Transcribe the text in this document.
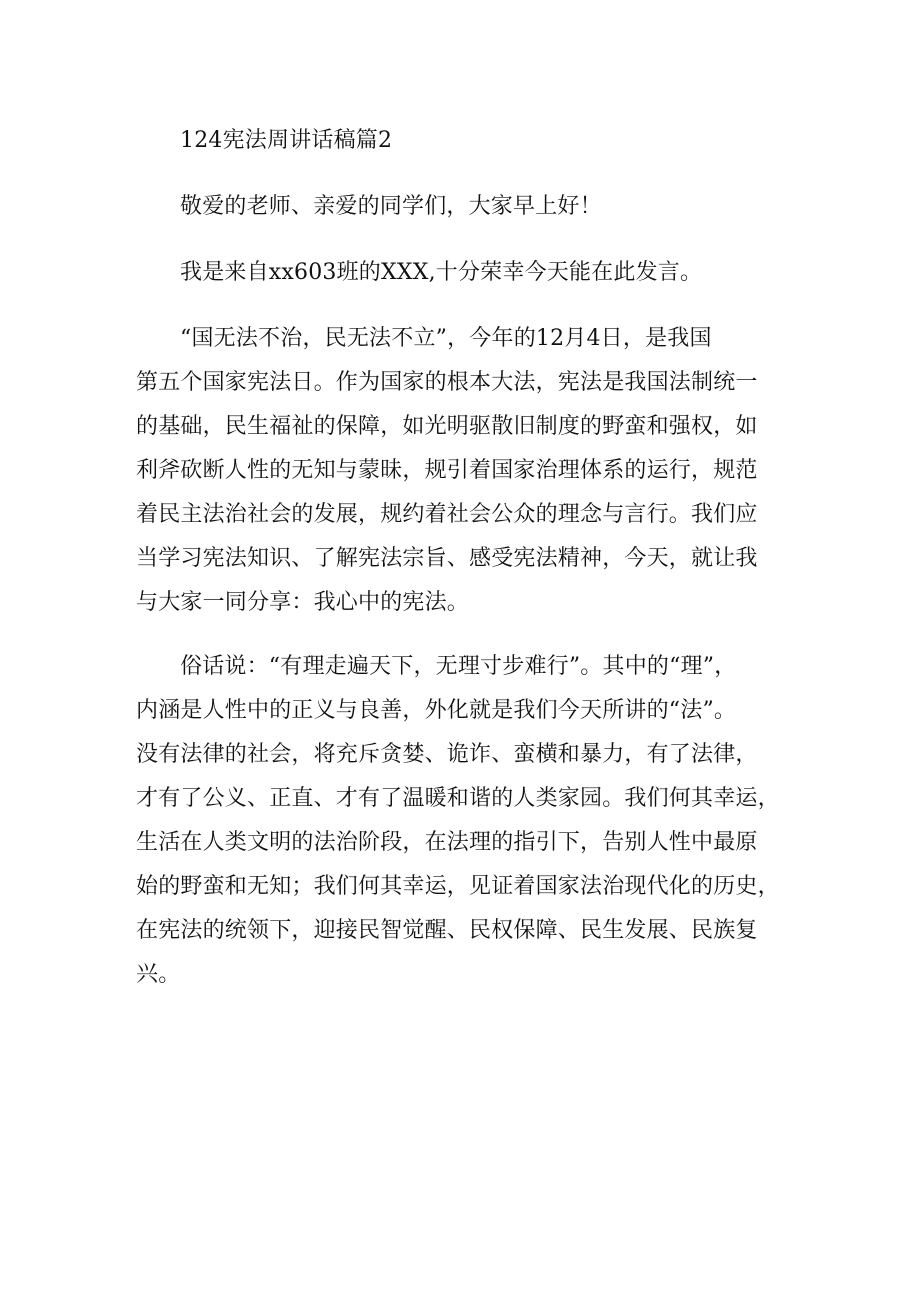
124宪法周讲话稿篇2
敬爱的老师、亲爱的同学们，大家早上好！
我是来自xx603班的XXX,十分荣幸今天能在此发言。
“国无法不治，民无法不立”，今年的12月4日，是我国
第五个国家宪法日。作为国家的根本大法，宪法是我国法制统一
的基础，民生福祉的保障，如光明驱散旧制度的野蛮和强权，如
利斧砍断人性的无知与蒙昧，规引着国家治理体系的运行，规范
着民主法治社会的发展，规约着社会公众的理念与言行。我们应
当学习宪法知识、了解宪法宗旨、感受宪法精神，今天，就让我
与大家一同分享：我心中的宪法。
俗话说：“有理走遍天下，无理寸步难行”。其中的“理”，
内涵是人性中的正义与良善，外化就是我们今天所讲的“法”。
没有法律的社会，将充斥贪婪、诡诈、蛮横和暴力，有了法律，
才有了公义、正直、才有了温暖和谐的人类家园。我们何其幸运，
生活在人类文明的法治阶段，在法理的指引下，告别人性中最原
始的野蛮和无知；我们何其幸运，见证着国家法治现代化的历史，
在宪法的统领下，迎接民智觉醒、民权保障、民生发展、民族复
兴。
